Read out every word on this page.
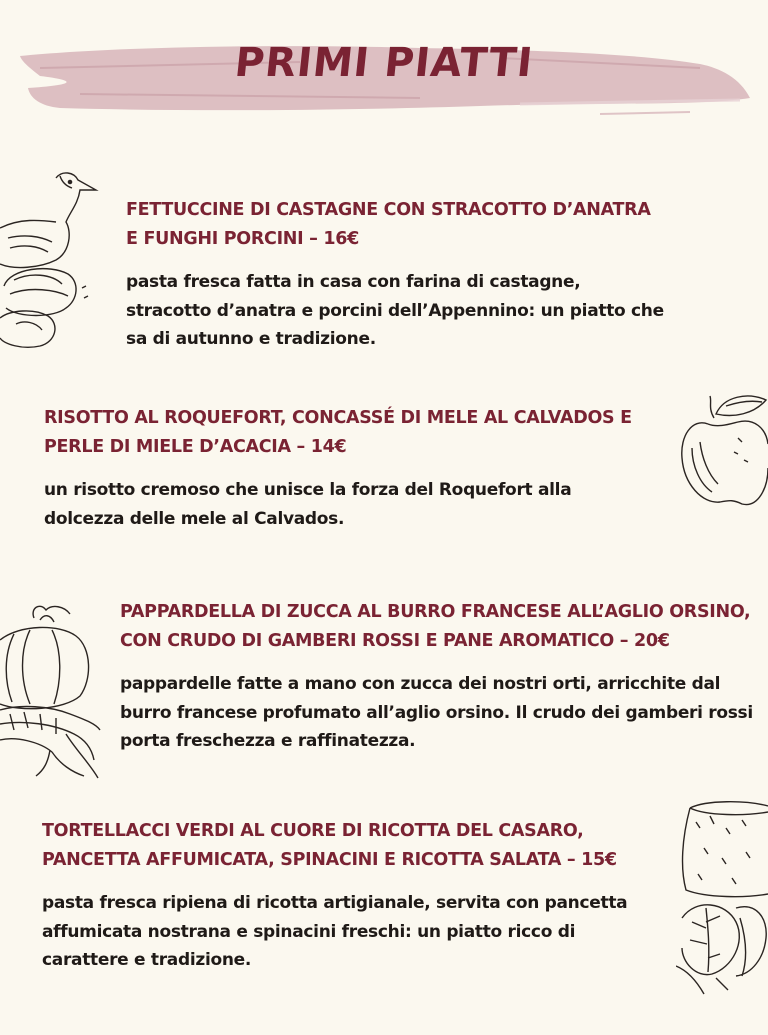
PRIMI PIATTI

FETTUCCINE DI CASTAGNE CON STRACOTTO D’ANATRA E FUNGHI PORCINI – 16€

pasta fresca fatta in casa con farina di castagne, stracotto d’anatra e porcini dell’Appennino: un piatto che sa di autunno e tradizione.

RISOTTO AL ROQUEFORT, CONCASSÉ DI MELE AL CALVADOS E PERLE DI MIELE D’ACACIA – 14€

un risotto cremoso che unisce la forza del Roquefort alla dolcezza delle mele al Calvados.

PAPPARDELLA DI ZUCCA AL BURRO FRANCESE ALL’AGLIO ORSINO, CON CRUDO DI GAMBERI ROSSI E PANE AROMATICO – 20€

pappardelle fatte a mano con zucca dei nostri orti, arricchite dal burro francese profumato all’aglio orsino. Il crudo dei gamberi rossi porta freschezza e raffinatezza.

TORTELLACCI VERDI AL CUORE DI RICOTTA DEL CASARO, PANCETTA AFFUMICATA, SPINACINI E RICOTTA SALATA – 15€

pasta fresca ripiena di ricotta artigianale, servita con pancetta affumicata nostrana e spinacini freschi: un piatto ricco di carattere e tradizione.
